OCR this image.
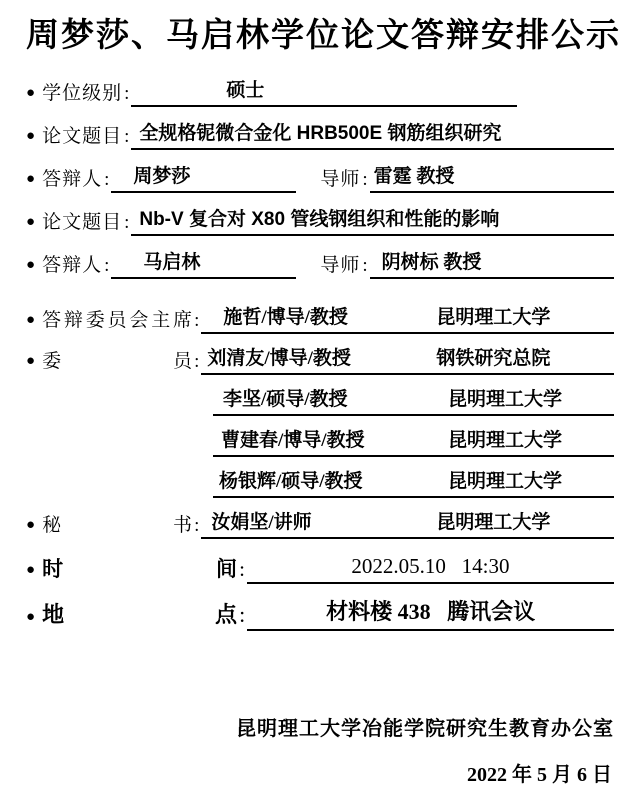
周梦莎、马启林学位论文答辩安排公示
● 学位级别 :	硕士
● 论文题目 : 全规格铌微合金化 HRB500E 钢筋组织研究
● 答辩人 :	周梦莎	导师 : 雷霆 教授
● 论文题目 : Nb-V 复合对 X80 管线钢组织和性能的影响
● 答辩人 :	马启林	导师 : 阴树标 教授
● 答辩委员会主席 :	施哲/博导/教授	昆明理工大学
● 委员 : 刘清友/博导/教授	钢铁研究总院
李坚/硕导/教授	昆明理工大学
曹建春/博导/教授	昆明理工大学
杨银辉/硕导/教授	昆明理工大学
● 秘书 : 汝娟坚/讲师	昆明理工大学
● 时间 :	2022.05.10   14:30
● 地点 :	材料楼 438   腾讯会议
昆明理工大学冶能学院研究生教育办公室
2022 年 5 月 6 日
